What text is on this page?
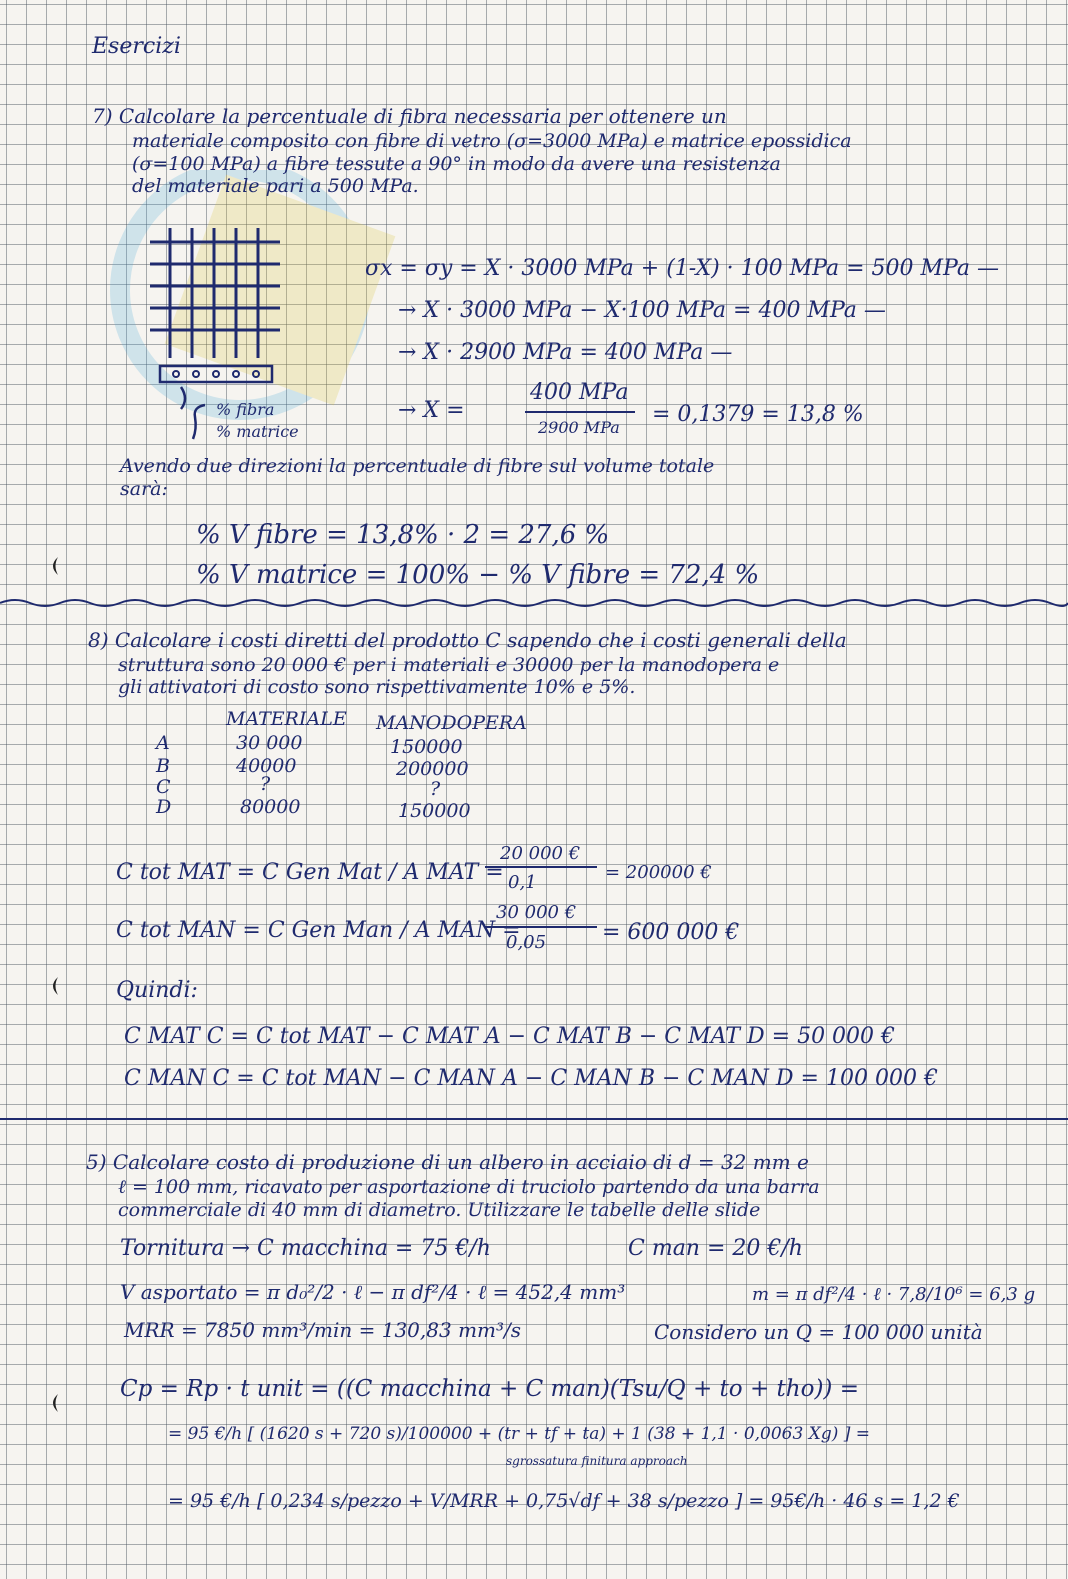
Esercizi
7) Calcolare la percentuale di fibra necessaria per ottenere un
materiale composito con fibre di vetro (σ=3000 MPa) e matrice epossidica
(σ=100 MPa) a fibre tessute a 90° in modo da avere una resistenza
del materiale pari a 500 MPa.
% fibra
% matrice
σx = σy = X · 3000 MPa + (1-X) · 100 MPa = 500 MPa —
→ X · 3000 MPa − X·100 MPa = 400 MPa —
→ X · 2900 MPa = 400 MPa —
→ X =
400 MPa
2900 MPa
= 0,1379 = 13,8 %
Avendo due direzioni la percentuale di fibre sul volume totale
sarà:
% V fibre = 13,8% · 2 = 27,6 %
% V matrice = 100% − % V fibre = 72,4 %
8) Calcolare i costi diretti del prodotto C sapendo che i costi generali della
struttura sono 20 000 € per i materiali e 30000 per la manodopera e
gli attivatori di costo sono rispettivamente 10% e 5%.
MATERIALE MANODOPERA
A	30 000	150000
B	40000	200000
C	?	?
D	80000	150000
C tot MAT = C Gen Mat / A MAT =
20 000 €
0,1	= 200000 €
C tot MAN = C Gen Man / A MAN =
30 000 €
0,05	= 600 000 €
Quindi:
C MAT C = C tot MAT − C MAT A − C MAT B − C MAT D = 50 000 €
C MAN C = C tot MAN − C MAN A − C MAN B − C MAN D = 100 000 €
5) Calcolare costo di produzione di un albero in acciaio di d = 32 mm e
ℓ = 100 mm, ricavato per asportazione di truciolo partendo da una barra
commerciale di 40 mm di diametro. Utilizzare le tabelle delle slide
Tornitura → C macchina = 75 €/h	C man = 20 €/h
V asportato = π d₀²/2 · ℓ − π df²/4 · ℓ = 452,4 mm³	m = π df²/4 · ℓ · 7,8/10⁶ = 6,3 g
MRR = 7850 mm³/min = 130,83 mm³/s	Considero un Q = 100 000 unità
Cp = Rp · t unit = ((C macchina + C man)(Tsu/Q + to + tho)) =
= 95 €/h [ (1620 s + 720 s)/100000 + (tr + tf + ta) + 1 (38 + 1,1 · 0,0063 Xg) ] =
sgrossatura finitura approach
= 95 €/h [ 0,234 s/pezzo + V/MRR + 0,75√df + 38 s/pezzo ] = 95€/h · 46 s = 1,2 €
